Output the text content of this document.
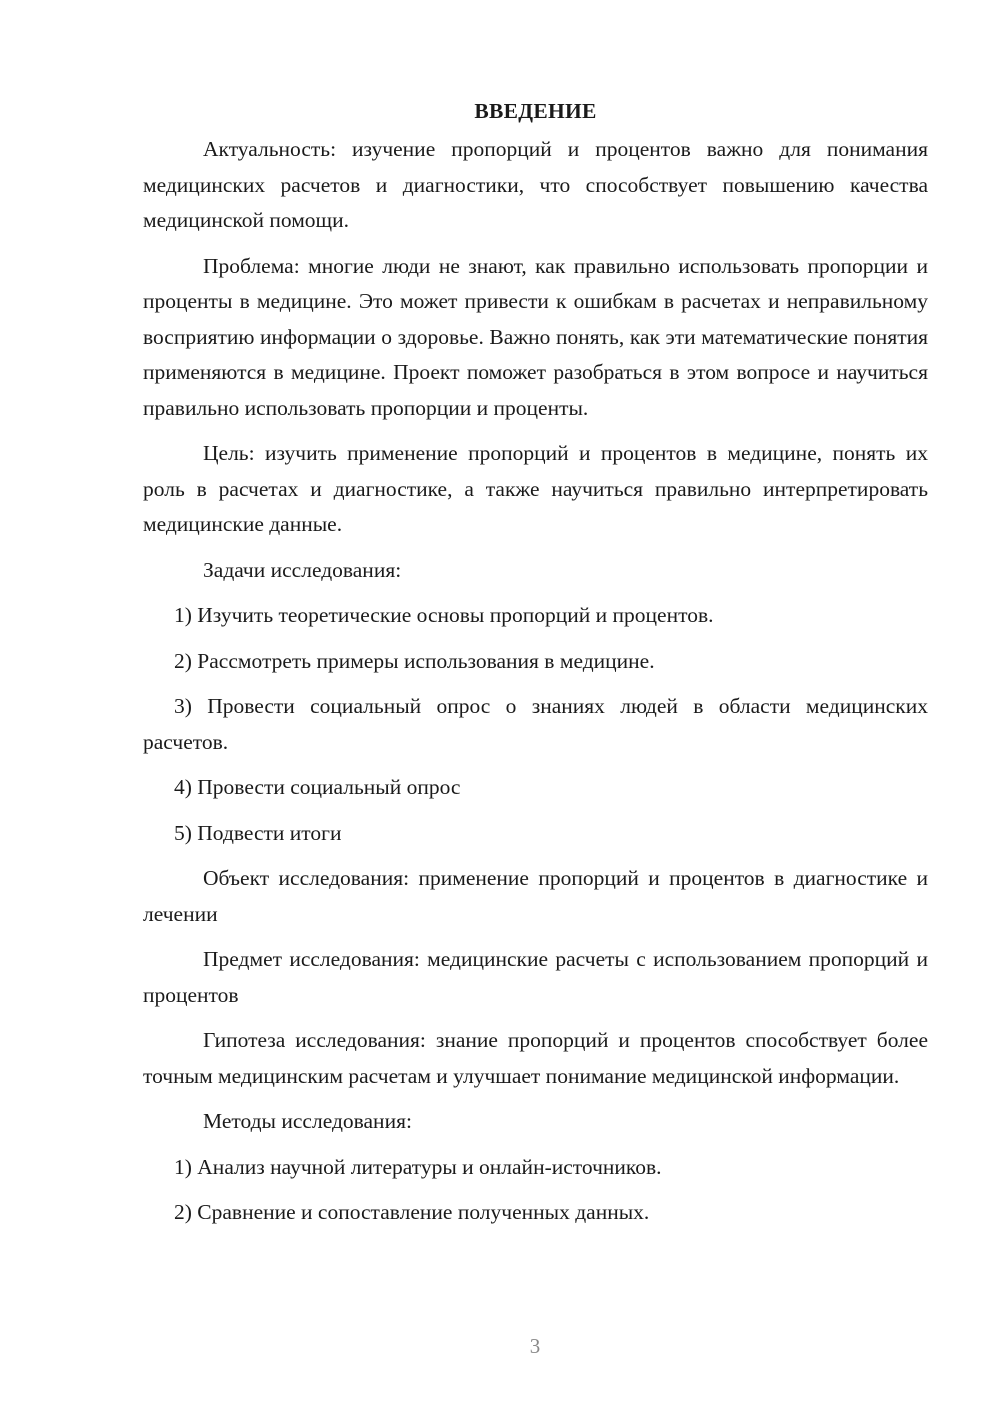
ВВЕДЕНИЕ

Актуальность: изучение пропорций и процентов важно для понимания медицинских расчетов и диагностики, что способствует повышению качества медицинской помощи.

Проблема: многие люди не знают, как правильно использовать пропорции и проценты в медицине. Это может привести к ошибкам в расчетах и неправильному восприятию информации о здоровье. Важно понять, как эти математические понятия применяются в медицине. Проект поможет разобраться в этом вопросе и научиться правильно использовать пропорции и проценты.

Цель: изучить применение пропорций и процентов в медицине, понять их роль в расчетах и диагностике, а также научиться правильно интерпретировать медицинские данные.

Задачи исследования:

1) Изучить теоретические основы пропорций и процентов.

2) Рассмотреть примеры использования в медицине.

3) Провести социальный опрос о знаниях людей в области медицинских расчетов.

4) Провести социальный опрос

5) Подвести итоги

Объект исследования: применение пропорций и процентов в диагностике и лечении

Предмет исследования: медицинские расчеты с использованием пропорций и процентов

Гипотеза исследования: знание пропорций и процентов способствует более точным медицинским расчетам и улучшает понимание медицинской информации.

Методы исследования:

1) Анализ научной литературы и онлайн-источников.

2) Сравнение и сопоставление полученных данных.

3
